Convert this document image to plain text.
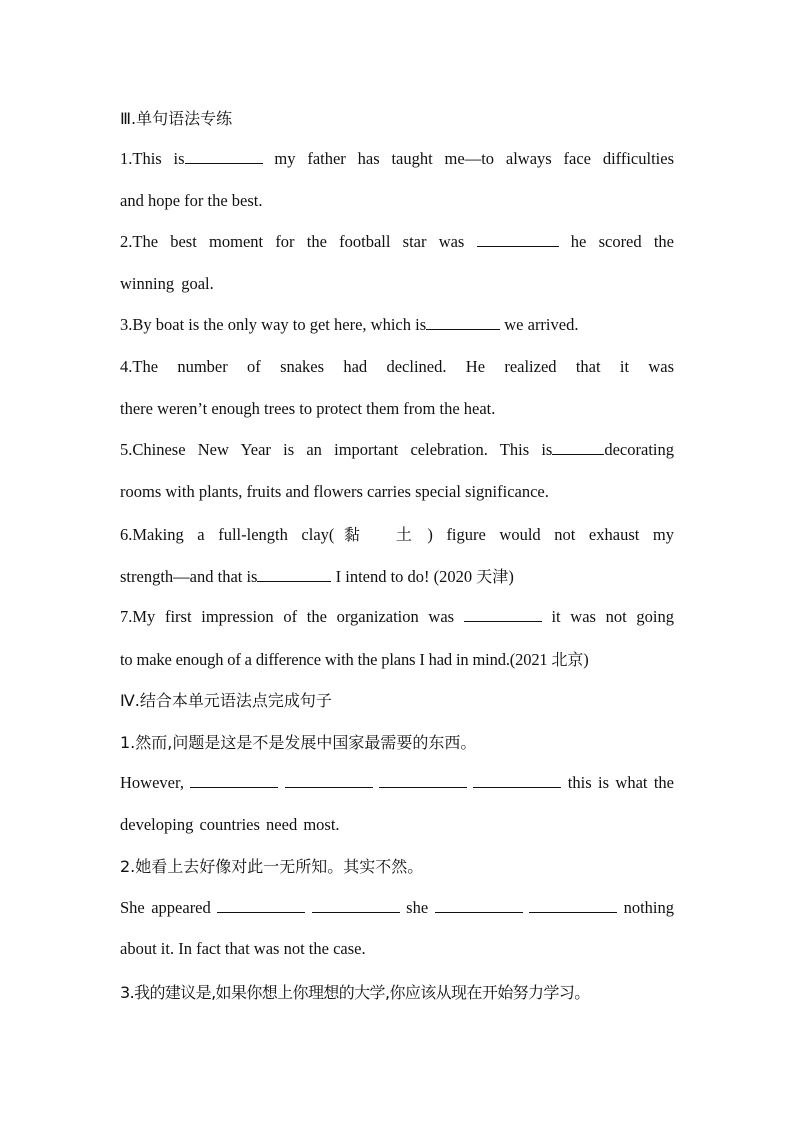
Ⅲ.单句语法专练
1.This is	my father has taught me—to always face difficulties
and hope for the best.
2.The best moment for the football star was	he scored the
winning goal.
3.By boat is the only way to get here, which is	we arrived.
4.The number of snakes had declined. He realized that it was
there weren’t enough trees to protect them from the heat.
5.Chinese New Year is an important celebration. This is	decorating
rooms with plants, fruits and flowers carries special significance.
6.Making a full-length clay(黏 土) figure would not exhaust my
strength—and that is	I intend to do! (2020 天津)
7.My first impression of the organization was	it was not going
to make enough of a difference with the plans I had in mind.(2021 北京)
Ⅳ.结合本单元语法点完成句子
1.然而,问题是这是不是发展中国家最需要的东西。
However,	this is what the
developing countries need most.
2.她看上去好像对此一无所知。其实不然。
She appeared	she	nothing
about it. In fact that was not the case.
3.我的建议是,如果你想上你理想的大学,你应该从现在开始努力学习。
